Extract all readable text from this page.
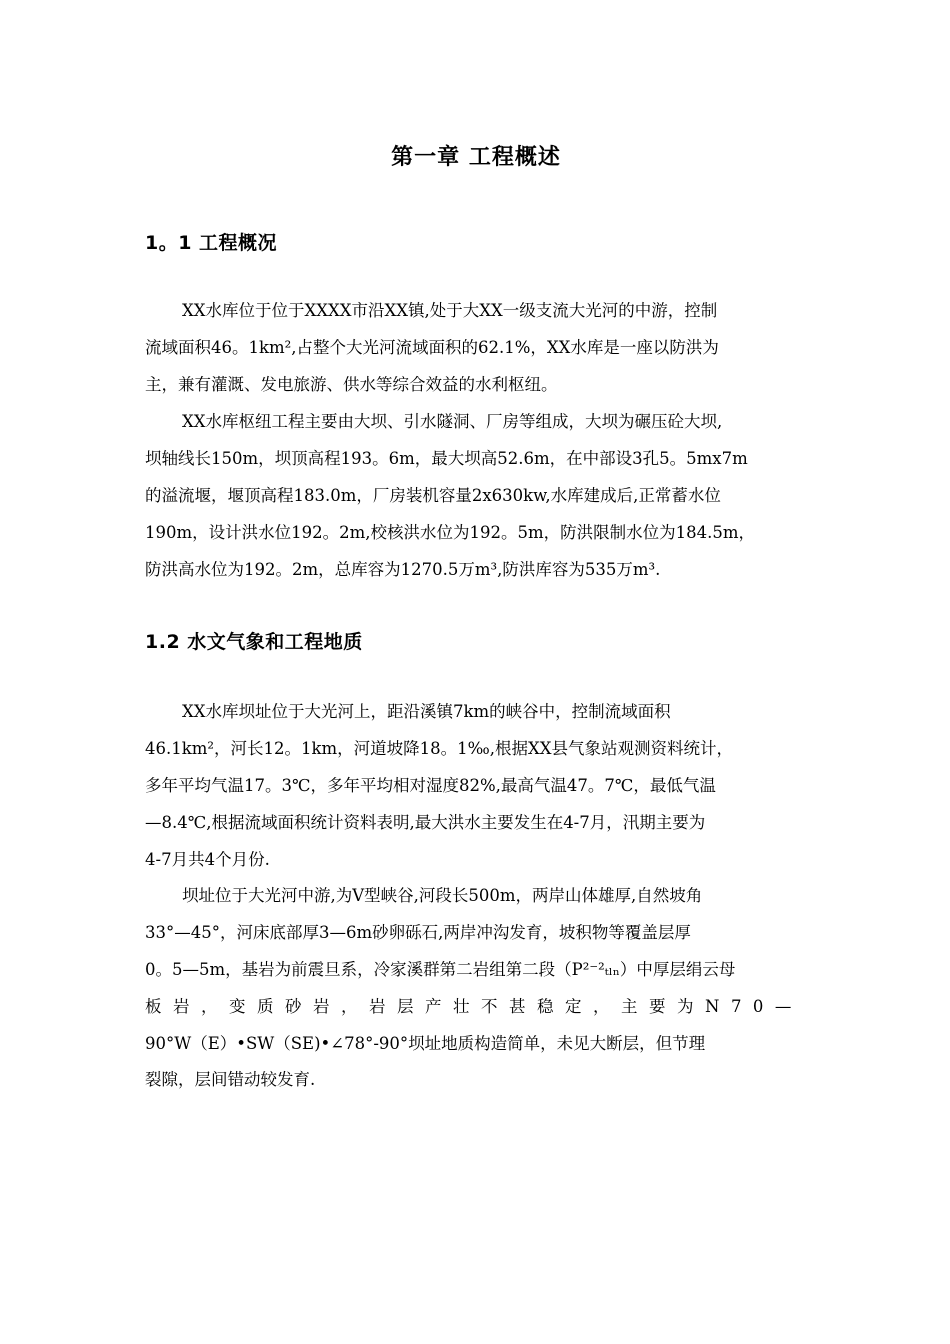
第一章 工程概述
1。1 工程概况
XX水库位于位于XXXX市沿XX镇,处于大XX一级支流大光河的中游，控制
流域面积46。1km²,占整个大光河流域面积的62.1%，XX水库是一座以防洪为
主，兼有灌溉、发电旅游、供水等综合效益的水利枢纽。
XX水库枢纽工程主要由大坝、引水隧洞、厂房等组成，大坝为碾压砼大坝,
坝轴线长150m，坝顶高程193。6m，最大坝高52.6m，在中部设3孔5。5mx7m
的溢流堰，堰顶高程183.0m，厂房装机容量2x630kw,水库建成后,正常蓄水位
190m，设计洪水位192。2m,校核洪水位为192。5m，防洪限制水位为184.5m，
防洪高水位为192。2m，总库容为1270.5万m³,防洪库容为535万m³.
1.2 水文气象和工程地质
XX水库坝址位于大光河上，距沿溪镇7km的峡谷中，控制流域面积
46.1km²，河长12。1km，河道坡降18。1‰,根据XX县气象站观测资料统计，
多年平均气温17。3℃，多年平均相对湿度82%,最高气温47。7℃，最低气温
—8.4℃,根据流域面积统计资料表明,最大洪水主要发生在4-7月，汛期主要为
4-7月共4个月份.
坝址位于大光河中游,为V型峡谷,河段长500m，两岸山体雄厚,自然坡角
33°—45°，河床底部厚3—6m砂卵砾石,两岸冲沟发育，坡积物等覆盖层厚
0。5—5m，基岩为前震旦系，冷家溪群第二岩组第二段（P²⁻²ₜₗₙ）中厚层绢云母
板岩，变质砂岩，岩层产壮不甚稳定，主要为N70—
90°W（E）•SW（SE)•∠78°-90°坝址地质构造简单，未见大断层，但节理
裂隙，层间错动较发育.
